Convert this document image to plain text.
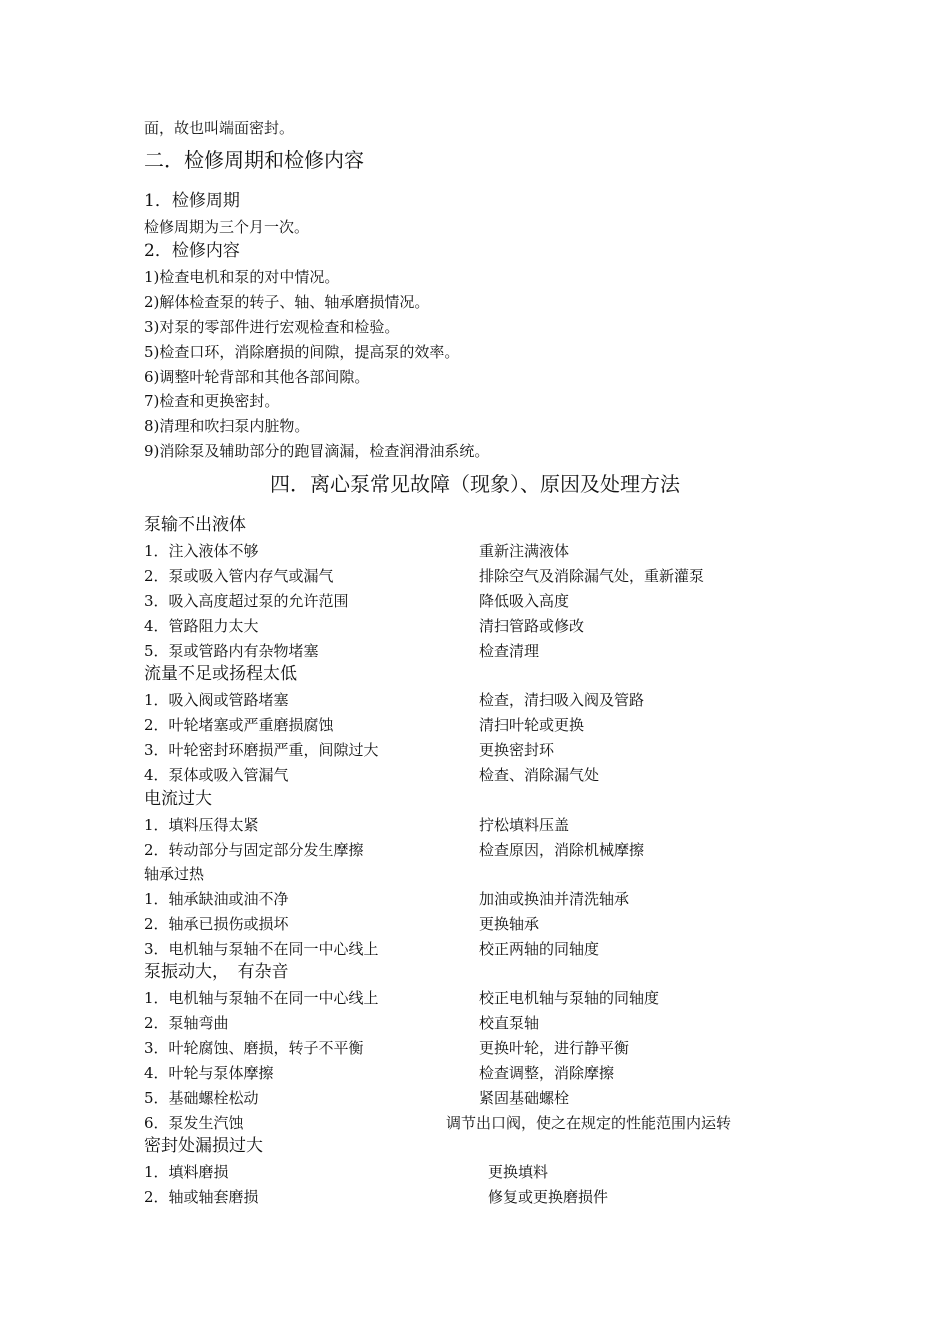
面，故也叫端面密封。
二．检修周期和检修内容
1．检修周期
检修周期为三个月一次。
2．检修内容
1)检查电机和泵的对中情况。
2)解体检查泵的转子、轴、轴承磨损情况。
3)对泵的零部件进行宏观检查和检验。
5)检查口环，消除磨损的间隙，提高泵的效率。
6)调整叶轮背部和其他各部间隙。
7)检查和更换密封。
8)清理和吹扫泵内脏物。
9)消除泵及辅助部分的跑冒滴漏，检查润滑油系统。
四．离心泵常见故障（现象）、原因及处理方法
泵输不出液体
1．注入液体不够	重新注满液体
2．泵或吸入管内存气或漏气	排除空气及消除漏气处，重新灌泵
3．吸入高度超过泵的允许范围	降低吸入高度
4．管路阻力太大	清扫管路或修改
5．泵或管路内有杂物堵塞	检查清理
流量不足或扬程太低
1．吸入阀或管路堵塞	检查，清扫吸入阀及管路
2．叶轮堵塞或严重磨损腐蚀	清扫叶轮或更换
3．叶轮密封环磨损严重，间隙过大	更换密封环
4．泵体或吸入管漏气	检查、消除漏气处
电流过大
1．填料压得太紧	拧松填料压盖
2．转动部分与固定部分发生摩擦	检查原因，消除机械摩擦
轴承过热
1．轴承缺油或油不净	加油或换油并清洗轴承
2．轴承已损伤或损坏	更换轴承
3．电机轴与泵轴不在同一中心线上	校正两轴的同轴度
泵振动大，　有杂音
1．电机轴与泵轴不在同一中心线上	校正电机轴与泵轴的同轴度
2．泵轴弯曲	校直泵轴
3．叶轮腐蚀、磨损，转子不平衡	更换叶轮，进行静平衡
4．叶轮与泵体摩擦	检查调整，消除摩擦
5．基础螺栓松动	紧固基础螺栓
6．泵发生汽蚀	调节出口阀，使之在规定的性能范围内运转
密封处漏损过大
1．填料磨损	更换填料
2．轴或轴套磨损	修复或更换磨损件
